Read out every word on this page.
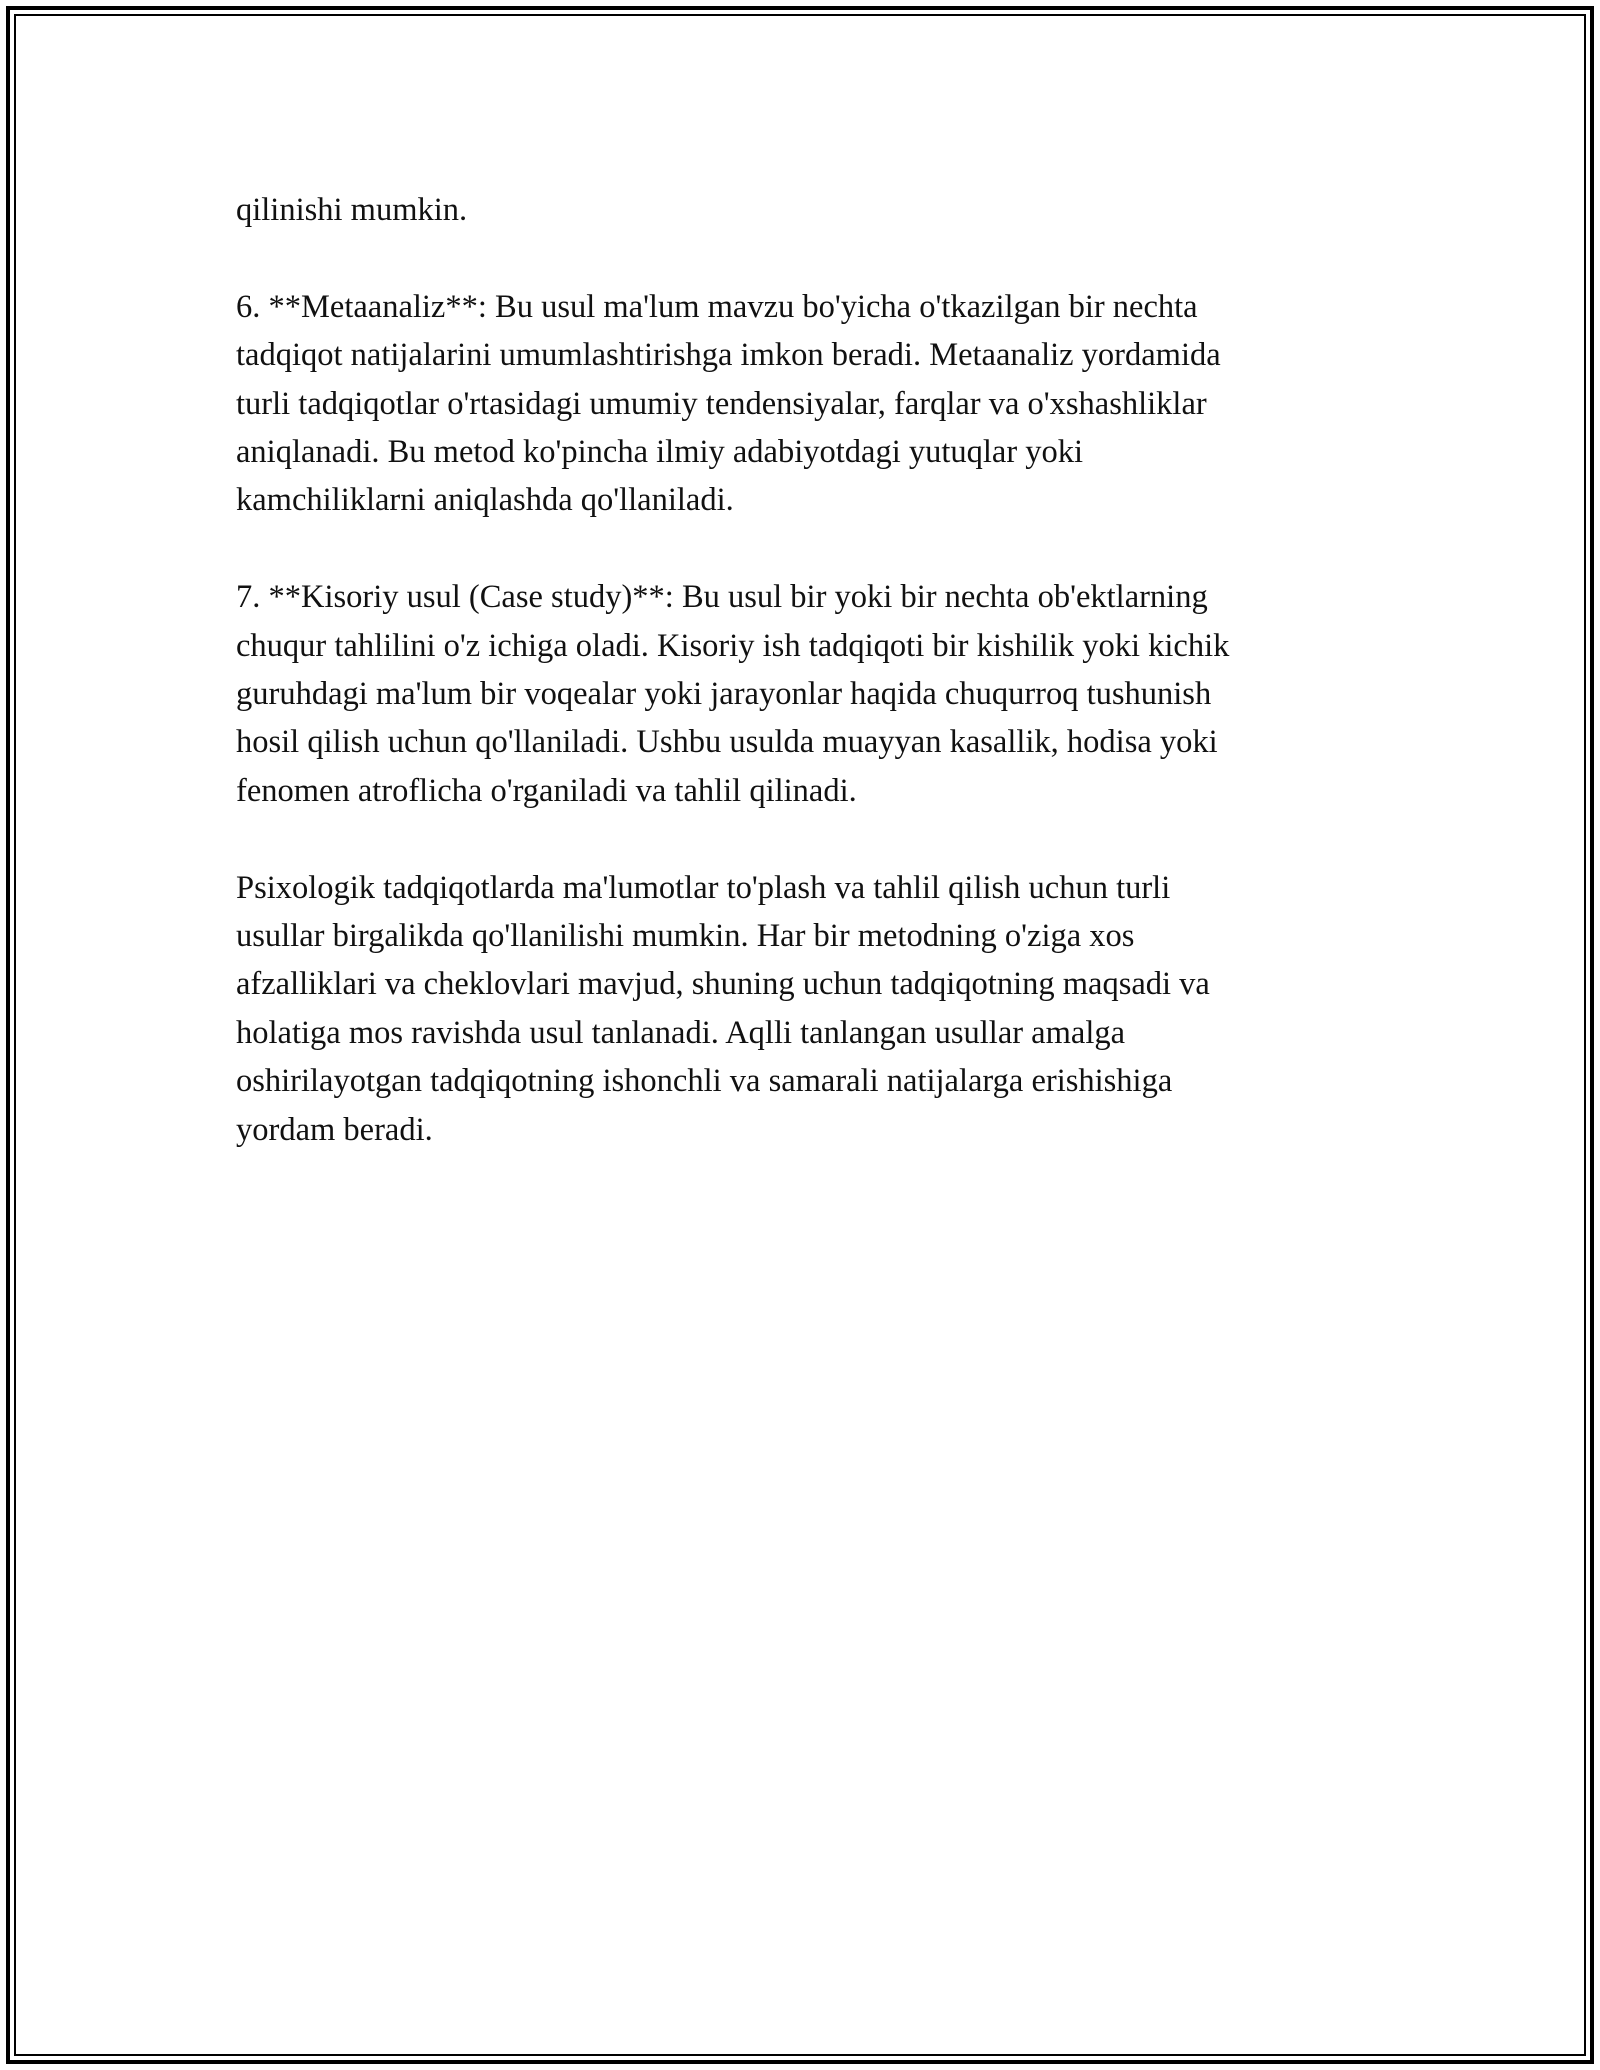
qilinishi mumkin.

6. **Metaanaliz**: Bu usul ma'lum mavzu bo'yicha o'tkazilgan bir nechta
tadqiqot natijalarini umumlashtirishga imkon beradi. Metaanaliz yordamida
turli tadqiqotlar o'rtasidagi umumiy tendensiyalar, farqlar va o'xshashliklar
aniqlanadi. Bu metod ko'pincha ilmiy adabiyotdagi yutuqlar yoki
kamchiliklarni aniqlashda qo'llaniladi.

7. **Kisoriy usul (Case study)**: Bu usul bir yoki bir nechta ob'ektlarning
chuqur tahlilini o'z ichiga oladi. Kisoriy ish tadqiqoti bir kishilik yoki kichik
guruhdagi ma'lum bir voqealar yoki jarayonlar haqida chuqurroq tushunish
hosil qilish uchun qo'llaniladi. Ushbu usulda muayyan kasallik, hodisa yoki
fenomen atroflicha o'rganiladi va tahlil qilinadi.

Psixologik tadqiqotlarda ma'lumotlar to'plash va tahlil qilish uchun turli
usullar birgalikda qo'llanilishi mumkin. Har bir metodning o'ziga xos
afzalliklari va cheklovlari mavjud, shuning uchun tadqiqotning maqsadi va
holatiga mos ravishda usul tanlanadi. Aqlli tanlangan usullar amalga
oshirilayotgan tadqiqotning ishonchli va samarali natijalarga erishishiga
yordam beradi.
